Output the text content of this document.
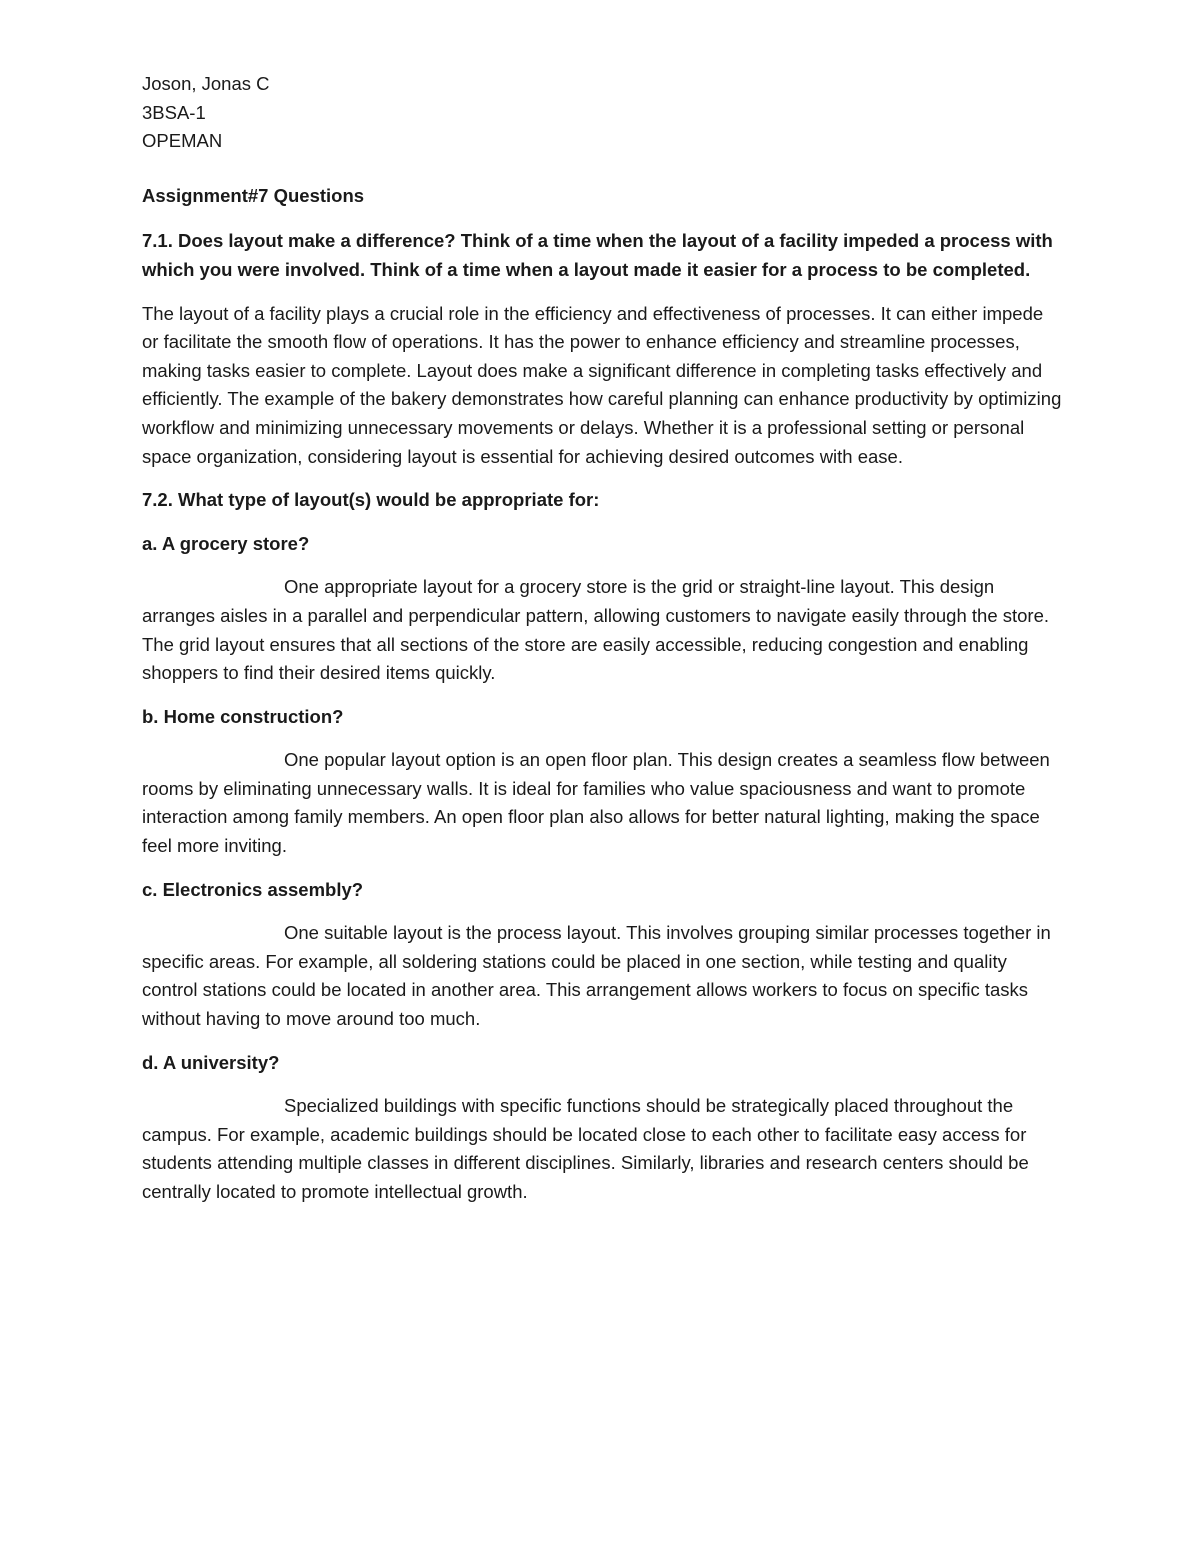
Joson, Jonas C

3BSA-1

OPEMAN

Assignment#7 Questions

7.1. Does layout make a difference? Think of a time when the layout of a facility impeded a process with which you were involved. Think of a time when a layout made it easier for a process to be completed.

The layout of a facility plays a crucial role in the efficiency and effectiveness of processes. It can either impede or facilitate the smooth flow of operations. It has the power to enhance efficiency and streamline processes, making tasks easier to complete. Layout does make a significant difference in completing tasks effectively and efficiently. The example of the bakery demonstrates how careful planning can enhance productivity by optimizing workflow and minimizing unnecessary movements or delays. Whether it is a professional setting or personal space organization, considering layout is essential for achieving desired outcomes with ease.

7.2. What type of layout(s) would be appropriate for:

a. A grocery store?

One appropriate layout for a grocery store is the grid or straight-line layout. This design arranges aisles in a parallel and perpendicular pattern, allowing customers to navigate easily through the store. The grid layout ensures that all sections of the store are easily accessible, reducing congestion and enabling shoppers to find their desired items quickly.

b. Home construction?

One popular layout option is an open floor plan. This design creates a seamless flow between rooms by eliminating unnecessary walls. It is ideal for families who value spaciousness and want to promote interaction among family members. An open floor plan also allows for better natural lighting, making the space feel more inviting.

c. Electronics assembly?

One suitable layout is the process layout. This involves grouping similar processes together in specific areas. For example, all soldering stations could be placed in one section, while testing and quality control stations could be located in another area. This arrangement allows workers to focus on specific tasks without having to move around too much.

d. A university?

Specialized buildings with specific functions should be strategically placed throughout the campus. For example, academic buildings should be located close to each other to facilitate easy access for students attending multiple classes in different disciplines. Similarly, libraries and research centers should be centrally located to promote intellectual growth.
